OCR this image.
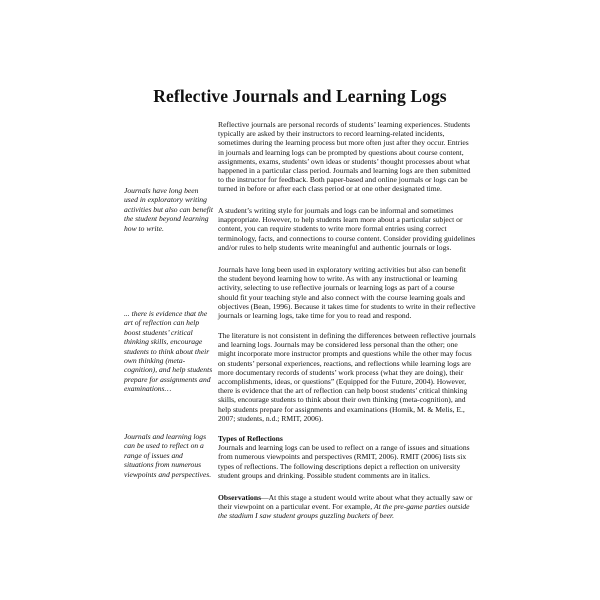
Reflective Journals and Learning Logs
Journals have long been used in exploratory writing activities but also can benefit the student beyond learning how to write.
... there is evidence that the art of reflection can help boost students’ critical thinking skills, encourage students to think about their own thinking (meta-cognition), and help students prepare for assignments and examinations…
Journals and learning logs can be used to reflect on a range of issues and situations from numerous viewpoints and perspectives.

Reflective journals are personal records of students’ learning experiences. Students typically are asked by their instructors to record learning-related incidents, sometimes during the learning process but more often just after they occur. Entries in journals and learning logs can be prompted by questions about course content, assignments, exams, students’ own ideas or students’ thought processes about what happened in a particular class period. Journals and learning logs are then submitted to the instructor for feedback. Both paper-based and online journals or logs can be turned in before or after each class period or at one other designated time.

A student’s writing style for journals and logs can be informal and sometimes inappropriate. However, to help students learn more about a particular subject or content, you can require students to write more formal entries using correct terminology, facts, and connections to course content. Consider providing guidelines and/or rules to help students write meaningful and authentic journals or logs.

Journals have long been used in exploratory writing activities but also can benefit the student beyond learning how to write. As with any instructional or learning activity, selecting to use reflective journals or learning logs as part of a course should fit your teaching style and also connect with the course learning goals and objectives (Bean, 1996). Because it takes time for students to write in their reflective journals or learning logs, take time for you to read and respond.

The literature is not consistent in defining the differences between reflective journals and learning logs. Journals may be considered less personal than the other; one might incorporate more instructor prompts and questions while the other may focus on students’ personal experiences, reactions, and reflections while learning logs are more documentary records of students’ work process (what they are doing), their accomplishments, ideas, or questions” (Equipped for the Future, 2004). However, there is evidence that the art of reflection can help boost students’ critical thinking skills, encourage students to think about their own thinking (meta-cognition), and help students prepare for assignments and examinations (Homik, M. & Melis, E., 2007; students, n.d.; RMIT, 2006).

Types of Reflections

Journals and learning logs can be used to reflect on a range of issues and situations from numerous viewpoints and perspectives (RMIT, 2006). RMIT (2006) lists six types of reflections. The following descriptions depict a reflection on university student groups and drinking. Possible student comments are in italics.

Observations—At this stage a student would write about what they actually saw or their viewpoint on a particular event. For example, At the pre-game parties outside the stadium I saw student groups guzzling buckets of beer.
